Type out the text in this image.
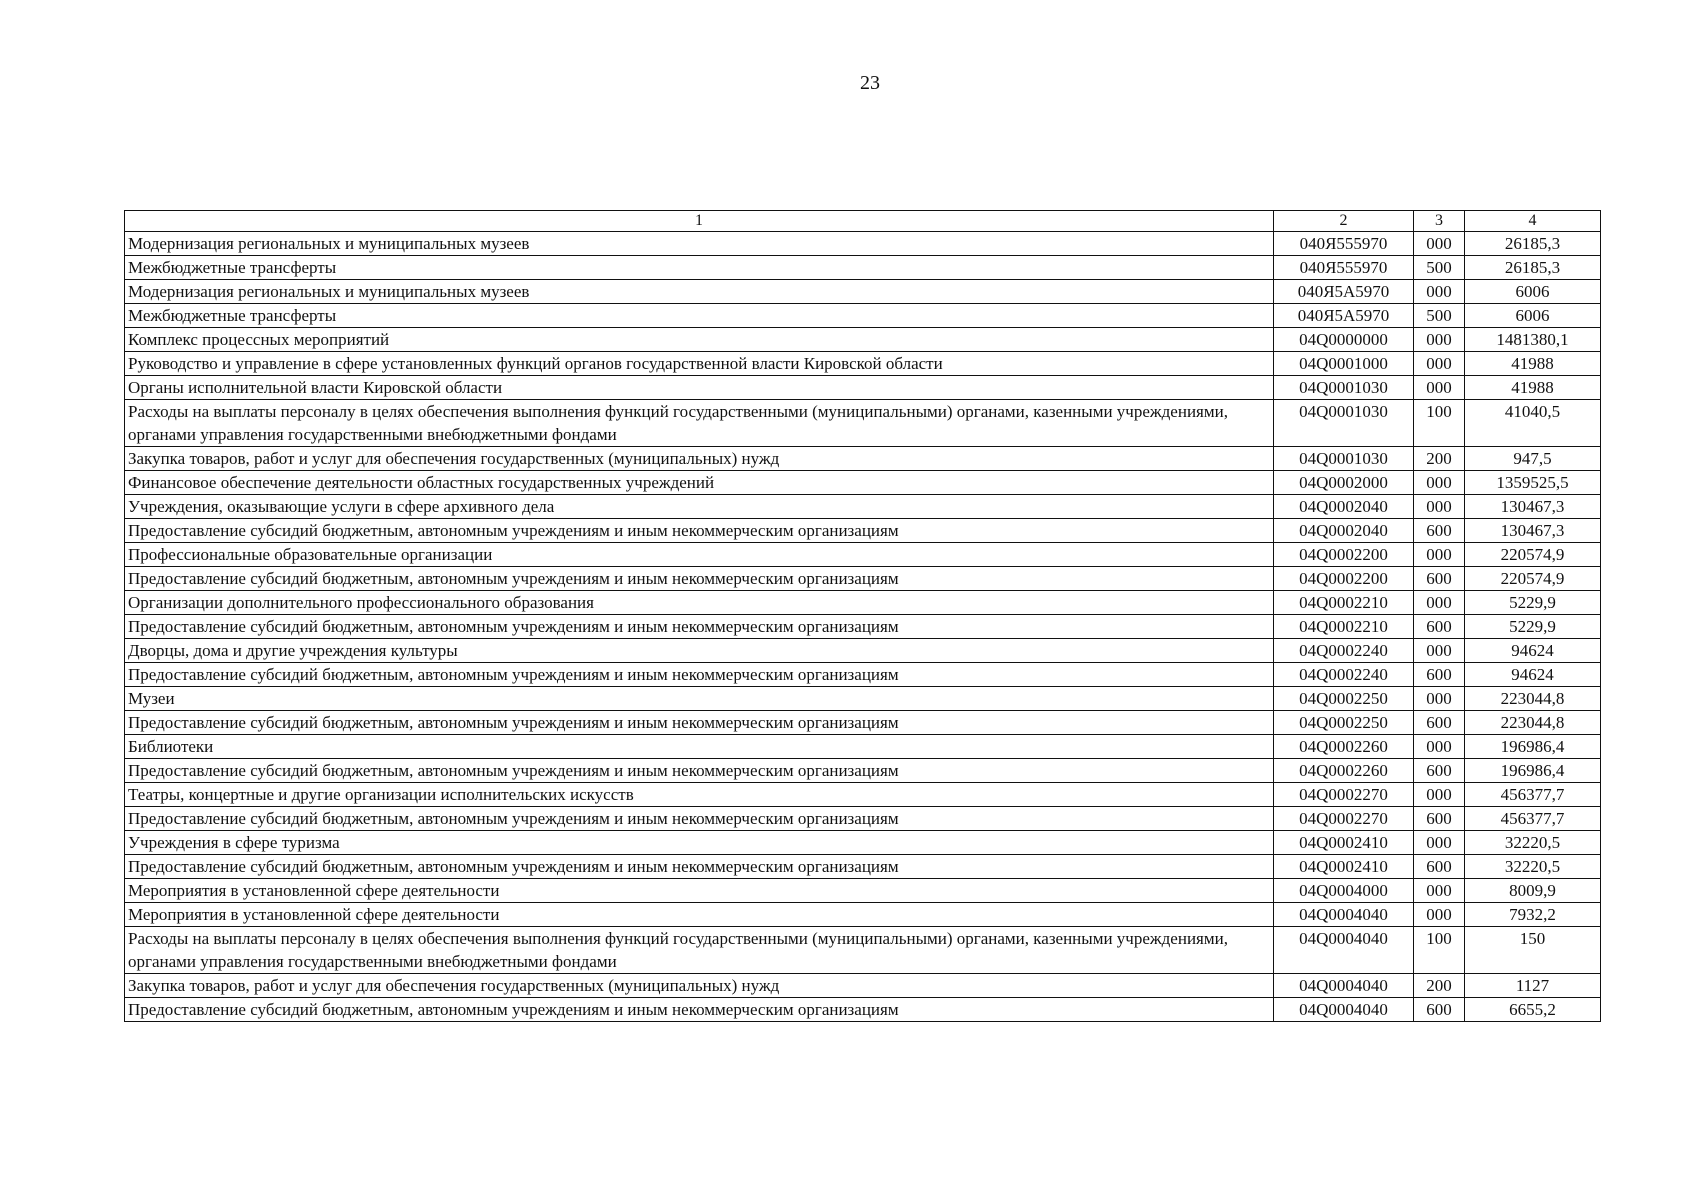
23
1	2	3	4
Модернизация региональных и муниципальных музеев	040Я555970	000	26185,3
Межбюджетные трансферты	040Я555970	500	26185,3
Модернизация региональных и муниципальных музеев	040Я5А5970	000	6006
Межбюджетные трансферты	040Я5А5970	500	6006
Комплекс процессных мероприятий	04Q0000000	000	1481380,1
Руководство и управление в сфере установленных функций органов государственной власти Кировской области	04Q0001000	000	41988
Органы исполнительной власти Кировской области	04Q0001030	000	41988
Расходы на выплаты персоналу в целях обеспечения выполнения функций государственными (муниципальными) органами, казенными учреждениями, органами управления государственными внебюджетными фондами	04Q0001030	100	41040,5
Закупка товаров, работ и услуг для обеспечения государственных (муниципальных) нужд	04Q0001030	200	947,5
Финансовое обеспечение деятельности областных государственных учреждений	04Q0002000	000	1359525,5
Учреждения, оказывающие услуги в сфере архивного дела	04Q0002040	000	130467,3
Предоставление субсидий бюджетным, автономным учреждениям и иным некоммерческим организациям	04Q0002040	600	130467,3
Профессиональные образовательные организации	04Q0002200	000	220574,9
Предоставление субсидий бюджетным, автономным учреждениям и иным некоммерческим организациям	04Q0002200	600	220574,9
Организации дополнительного профессионального образования	04Q0002210	000	5229,9
Предоставление субсидий бюджетным, автономным учреждениям и иным некоммерческим организациям	04Q0002210	600	5229,9
Дворцы, дома и другие учреждения культуры	04Q0002240	000	94624
Предоставление субсидий бюджетным, автономным учреждениям и иным некоммерческим организациям	04Q0002240	600	94624
Музеи	04Q0002250	000	223044,8
Предоставление субсидий бюджетным, автономным учреждениям и иным некоммерческим организациям	04Q0002250	600	223044,8
Библиотеки	04Q0002260	000	196986,4
Предоставление субсидий бюджетным, автономным учреждениям и иным некоммерческим организациям	04Q0002260	600	196986,4
Театры, концертные и другие организации исполнительских искусств	04Q0002270	000	456377,7
Предоставление субсидий бюджетным, автономным учреждениям и иным некоммерческим организациям	04Q0002270	600	456377,7
Учреждения в сфере туризма	04Q0002410	000	32220,5
Предоставление субсидий бюджетным, автономным учреждениям и иным некоммерческим организациям	04Q0002410	600	32220,5
Мероприятия в установленной сфере деятельности	04Q0004000	000	8009,9
Мероприятия в установленной сфере деятельности	04Q0004040	000	7932,2
Расходы на выплаты персоналу в целях обеспечения выполнения функций государственными (муниципальными) органами, казенными учреждениями, органами управления государственными внебюджетными фондами	04Q0004040	100	150
Закупка товаров, работ и услуг для обеспечения государственных (муниципальных) нужд	04Q0004040	200	1127
Предоставление субсидий бюджетным, автономным учреждениям и иным некоммерческим организациям	04Q0004040	600	6655,2
